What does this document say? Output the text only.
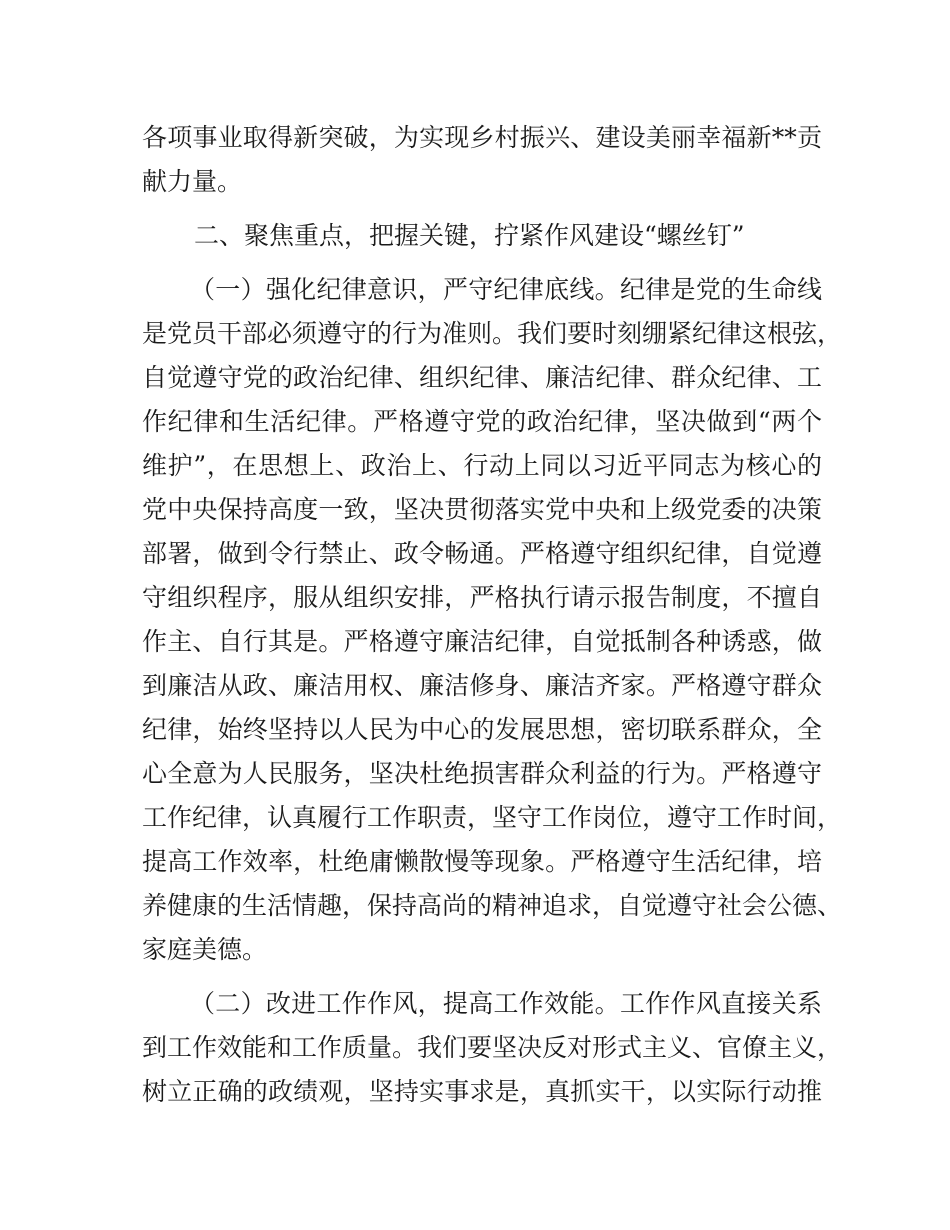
各项事业取得新突破，为实现乡村振兴、建设美丽幸福新**贡
献力量。
二、聚焦重点，把握关键，拧紧作风建设“螺丝钉”
（一）强化纪律意识，严守纪律底线。纪律是党的生命线
是党员干部必须遵守的行为准则。我们要时刻绷紧纪律这根弦，
自觉遵守党的政治纪律、组织纪律、廉洁纪律、群众纪律、工
作纪律和生活纪律。严格遵守党的政治纪律，坚决做到“两个
维护”，在思想上、政治上、行动上同以习近平同志为核心的
党中央保持高度一致，坚决贯彻落实党中央和上级党委的决策
部署，做到令行禁止、政令畅通。严格遵守组织纪律，自觉遵
守组织程序，服从组织安排，严格执行请示报告制度，不擅自
作主、自行其是。严格遵守廉洁纪律，自觉抵制各种诱惑，做
到廉洁从政、廉洁用权、廉洁修身、廉洁齐家。严格遵守群众
纪律，始终坚持以人民为中心的发展思想，密切联系群众，全
心全意为人民服务，坚决杜绝损害群众利益的行为。严格遵守
工作纪律，认真履行工作职责，坚守工作岗位，遵守工作时间，
提高工作效率，杜绝庸懒散慢等现象。严格遵守生活纪律，培
养健康的生活情趣，保持高尚的精神追求，自觉遵守社会公德、
家庭美德。
（二）改进工作作风，提高工作效能。工作作风直接关系
到工作效能和工作质量。我们要坚决反对形式主义、官僚主义，
树立正确的政绩观，坚持实事求是，真抓实干，以实际行动推
